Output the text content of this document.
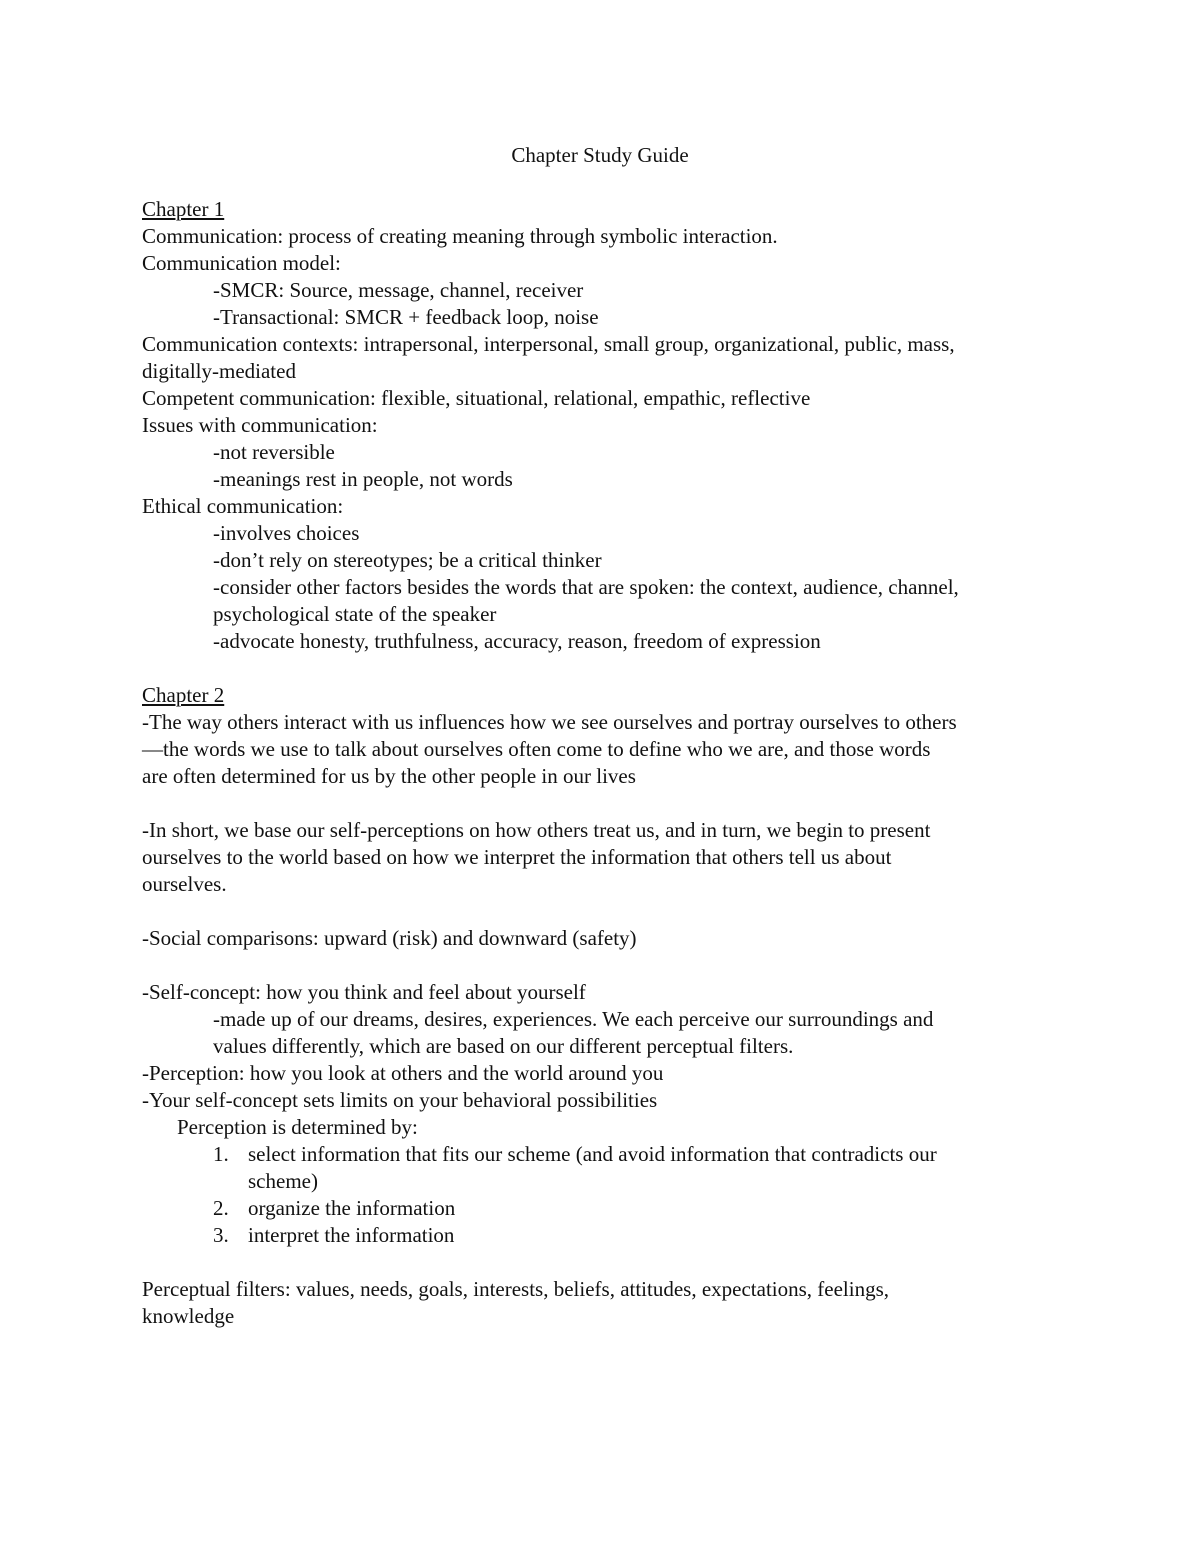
Chapter Study Guide
Chapter 1
Communication: process of creating meaning through symbolic interaction.
Communication model:
-SMCR: Source, message, channel, receiver
-Transactional: SMCR + feedback loop, noise
Communication contexts: intrapersonal, interpersonal, small group, organizational, public, mass,
digitally-mediated
Competent communication: flexible, situational, relational, empathic, reflective
Issues with communication:
-not reversible
-meanings rest in people, not words
Ethical communication:
-involves choices
-don’t rely on stereotypes; be a critical thinker
-consider other factors besides the words that are spoken: the context, audience, channel,
psychological state of the speaker
-advocate honesty, truthfulness, accuracy, reason, freedom of expression
Chapter 2
-The way others interact with us influences how we see ourselves and portray ourselves to others
—the words we use to talk about ourselves often come to define who we are, and those words
are often determined for us by the other people in our lives
-In short, we base our self-perceptions on how others treat us, and in turn, we begin to present
ourselves to the world based on how we interpret the information that others tell us about
ourselves.
-Social comparisons: upward (risk) and downward (safety)
-Self-concept: how you think and feel about yourself
-made up of our dreams, desires, experiences. We each perceive our surroundings and
values differently, which are based on our different perceptual filters.
-Perception: how you look at others and the world around you
-Your self-concept sets limits on your behavioral possibilities
Perception is determined by:
1. select information that fits our scheme (and avoid information that contradicts our
scheme)
2. organize the information
3. interpret the information
Perceptual filters: values, needs, goals, interests, beliefs, attitudes, expectations, feelings,
knowledge
